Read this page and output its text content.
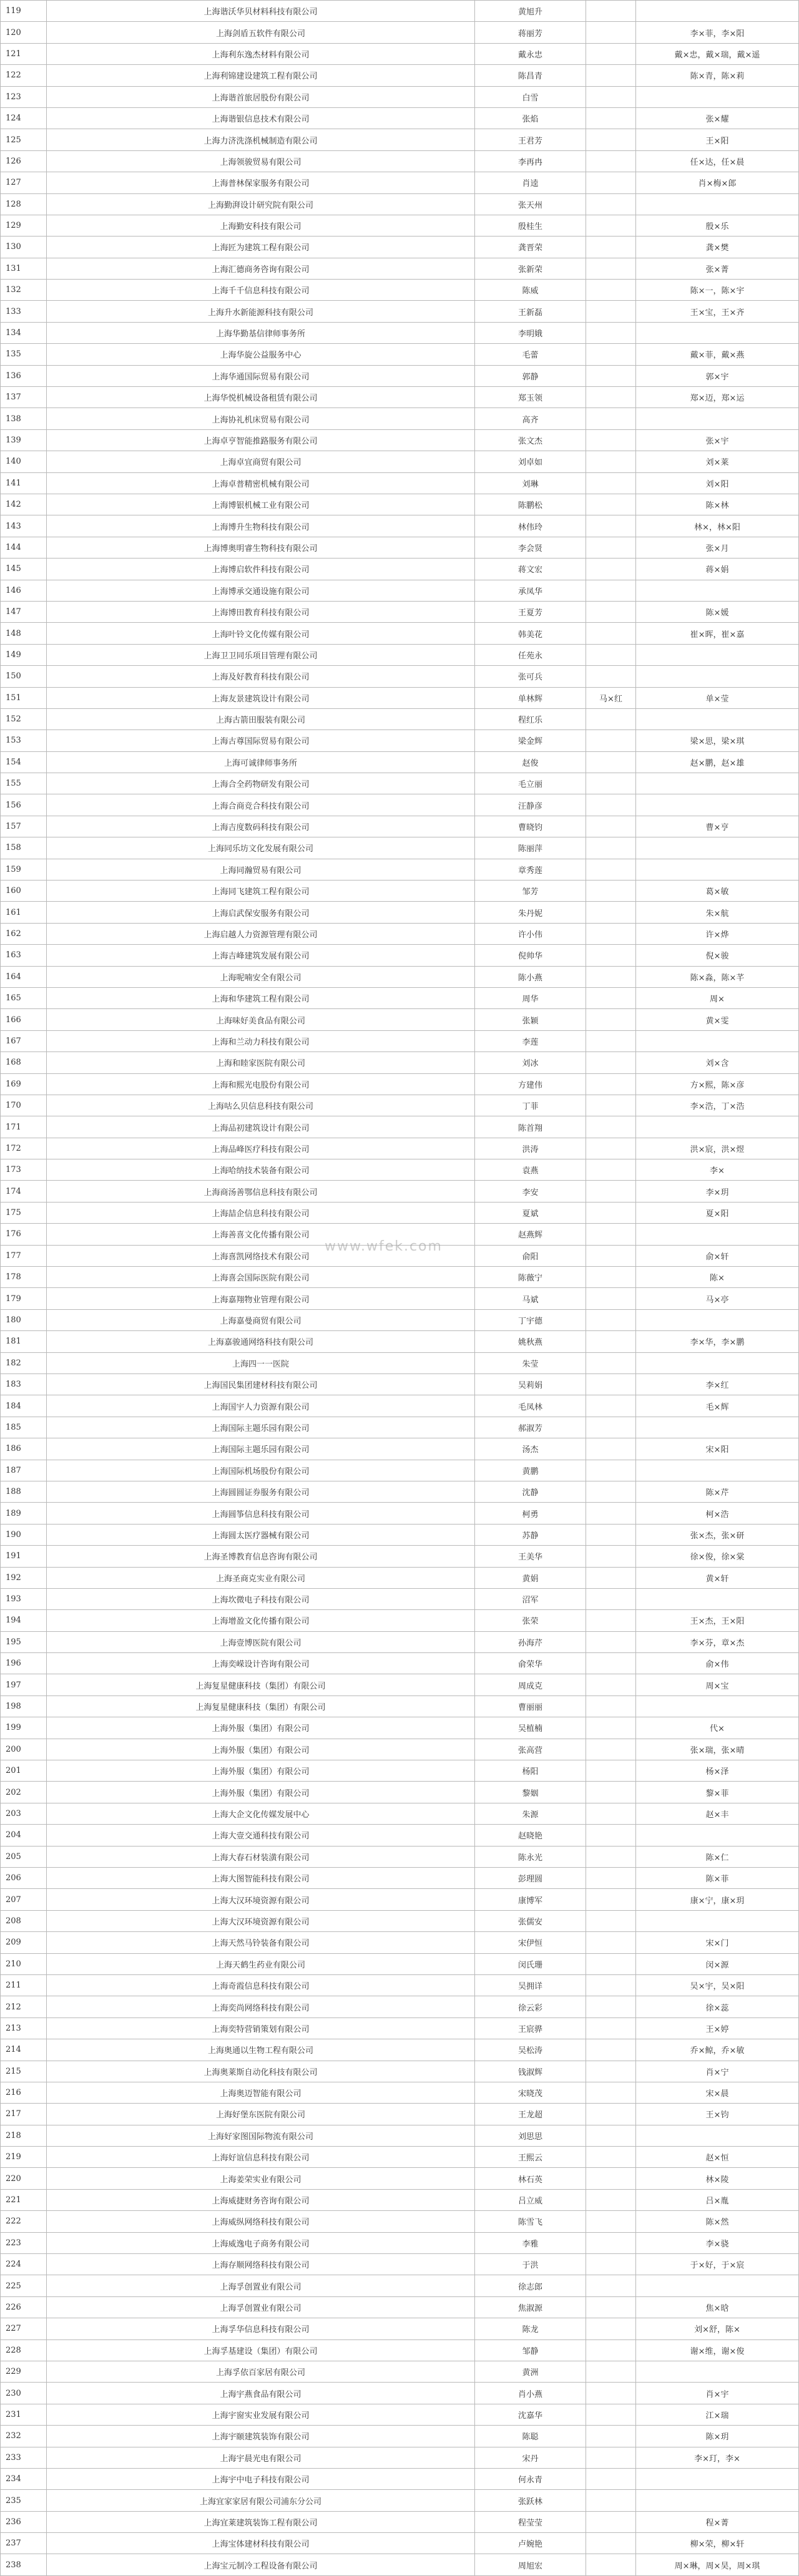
119	上海谐沃华贝材料科技有限公司	黄旭升		
120	上海剑盾五软件有限公司	蒋丽芳		李×菲，李×阳
121	上海利东逸杰材料有限公司	戴永忠		戴×忠，戴×瑞，戴×遥
122	上海利锦建设建筑工程有限公司	陈昌青		陈×青，陈×莉
123	上海谐首旅居股份有限公司	白雪		
124	上海谐银信息技术有限公司	张焰		张×耀
125	上海力济洗涤机械制造有限公司	王君芳		王×阳
126	上海领骏贸易有限公司	李再冉		任×达，任×晨
127	上海普林保家服务有限公司	肖逵		肖×梅×郎
128	上海勤湃设计研究院有限公司	张天州		
129	上海勤安科技有限公司	殷桂生		殷×乐
130	上海匠为建筑工程有限公司	龚晋荣		龚×樊
131	上海汇德商务咨询有限公司	张新荣		张×菁
132	上海千千信息科技有限公司	陈威		陈×一，陈×宇
133	上海升水新能源科技有限公司	王新磊		王×宝，王×齐
134	上海华勤基信律师事务所	李明娥		
135	上海华旋公益服务中心	毛蕾		戴×菲，戴×燕
136	上海华通国际贸易有限公司	郭静		郭×宇
137	上海华悦机械设备租赁有限公司	郑玉领		郑×迈，郑×运
138	上海协礼机床贸易有限公司	高齐		
139	上海卓亨智能推路服务有限公司	张文杰		张×宇
140	上海卓宜商贸有限公司	刘卓如		刘×莱
141	上海卓普精密机械有限公司	刘琳		刘×阳
142	上海博银机械工业有限公司	陈鹏松		陈×林
143	上海博升生物科技有限公司	林伟玲		林×，林×阳
144	上海博奥明睿生物科技有限公司	李会贤		张×月
145	上海博启软件科技有限公司	蒋文宏		蒋×娟
146	上海博承交通设施有限公司	承凤华		
147	上海博田教育科技有限公司	王夏芳		陈×媛
148	上海叶铃文化传媒有限公司	韩美花		崔×晖，崔×嘉
149	上海卫卫同乐项目管理有限公司	任苑永		
150	上海及好教育科技有限公司	张可兵		
151	上海友景建筑设计有限公司	单林辉	马×红	单×莹
152	上海古箭田服装有限公司	程红乐		
153	上海古尊国际贸易有限公司	梁金辉		梁×思，梁×琪
154	上海可诚律师事务所	赵俊		赵×鹏，赵×雄
155	上海合全药物研发有限公司	毛立丽		
156	上海合商竞合科技有限公司	汪静彦		
157	上海吉度数码科技有限公司	曹晓钧		曹×亨
158	上海同乐坊文化发展有限公司	陈丽萍		
159	上海同瀚贸易有限公司	章秀莲		
160	上海同飞建筑工程有限公司	邹芳		葛×敏
161	上海启武保安服务有限公司	朱丹妮		朱×航
162	上海启越人力资源管理有限公司	许小伟		许×烨
163	上海吉峰建筑发展有限公司	倪帅华		倪×骏
164	上海呢喃安全有限公司	陈小燕		陈×淼，陈×芊
165	上海和华建筑工程有限公司	周华		周×
166	上海味好美食品有限公司	张颖		黄×雯
167	上海和兰动力科技有限公司	李莲		
168	上海和睦家医院有限公司	刘冰		刘×含
169	上海和熙光电股份有限公司	方建伟		方×熙，陈×彦
170	上海咕么贝信息科技有限公司	丁菲		李×浩，丁×浩
171	上海品初建筑设计有限公司	陈首翔		
172	上海品峰医疗科技有限公司	洪涛		洪×宸，洪×煜
173	上海哈纳技术装备有限公司	袁燕		李×
174	上海商汤善鄂信息科技有限公司	李安		李×玥
175	上海喆企信息科技有限公司	夏斌		夏×阳
176	上海善喜文化传播有限公司	赵燕辉		
177	上海喜凯网络技术有限公司	俞阳		俞×轩
178	上海喜会国际医院有限公司	陈薇宁		陈×
179	上海嘉翔物业管理有限公司	马斌		马×亭
180	上海嘉曼商贸有限公司	丁宇德		
181	上海嘉骏通网络科技有限公司	姚秋燕		李×华，李×鹏
182	上海四一一医院	朱莹		
183	上海国民集团建材科技有限公司	吴莉娟		李×红
184	上海国宇人力资源有限公司	毛凤林		毛×辉
185	上海国际主题乐园有限公司	郝淑芳		
186	上海国际主题乐园有限公司	汤杰		宋×阳
187	上海国际机场股份有限公司	黄鹏		
188	上海圆圆证券服务有限公司	沈静		陈×芹
189	上海圆筝信息科技有限公司	柯勇		柯×浩
190	上海圆太医疗器械有限公司	苏静		张×杰，张×研
191	上海圣博教育信息咨询有限公司	王美华		徐×俊，徐×棠
192	上海圣商克实业有限公司	黄娟		黄×轩
193	上海坎微电子科技有限公司	沼军		
194	上海增盈文化传播有限公司	张荣		王×杰，王×阳
195	上海壹博医院有限公司	孙海芹		李×芬，章×杰
196	上海奕嵘设计咨询有限公司	俞荣华		俞×伟
197	上海复星健康科技（集团）有限公司	周成克		周×宝
198	上海复星健康科技（集团）有限公司	曹丽丽		
199	上海外服（集团）有限公司	吴植楠		代×
200	上海外服（集团）有限公司	张高营		张×瑞，张×晴
201	上海外服（集团）有限公司	杨阳		杨×泽
202	上海外服（集团）有限公司	黎姻		黎×菲
203	上海大企文化传媒发展中心	朱源		赵×丰
204	上海大壹交通科技有限公司	赵晓艳		
205	上海大春石材装潢有限公司	陈永光		陈×仁
206	上海大图智能科技有限公司	彭理圆		陈×菲
207	上海大汉环境资源有限公司	康博军		康×宁，康×玥
208	上海大汉环境资源有限公司	张儒安		
209	上海天然马铃装备有限公司	宋伊恒		宋×门
210	上海天鹤生药业有限公司	闵氏珊		闵×源
211	上海奇霞信息科技有限公司	吴拥详		吴×宇，吴×阳
212	上海奕尚网络科技有限公司	徐云彩		徐×蕊
213	上海奕特营销策划有限公司	王宸骅		王×婷
214	上海奥通以生物工程有限公司	吴松涛		乔×鲸，乔×敏
215	上海奥莱斯自动化科技有限公司	钱淑辉		肖×宁
216	上海奥迈智能有限公司	宋晓茂		宋×晨
217	上海好堡东医院有限公司	王龙超		王×钧
218	上海好家图国际物流有限公司	刘思思		
219	上海好谊信息科技有限公司	王熙云		赵×恒
220	上海姜荣实业有限公司	林石英		林×陵
221	上海威捷财务咨询有限公司	吕立威		吕×胤
222	上海威纵网络科技有限公司	陈雪飞		陈×然
223	上海威逸电子商务有限公司	李雅		李×骁
224	上海存顺网络科技有限公司	于洪		于×好，于×宸
225	上海孚创置业有限公司	徐志郎		
226	上海孚创置业有限公司	焦淑源		焦×晗
227	上海孚华信息科技有限公司	陈龙		刘×舒，陈×
228	上海孚基建设（集团）有限公司	邹静		谢×维，谢×俊
229	上海孚依百家居有限公司	黄洲		
230	上海宇燕食品有限公司	肖小燕		肖×宇
231	上海宇窗实业发展有限公司	沈嘉华		江×瑞
232	上海宇颐建筑装饰有限公司	陈聪		陈×玥
233	上海宇晨光电有限公司	宋丹		李×玎，李×
234	上海宇中电子科技有限公司	何永青		
235	上海宜家家居有限公司浦东分公司	张跃林		
236	上海宜莱建筑装饰工程有限公司	程莹莹		程×菁
237	上海宝体建材科技有限公司	卢婉艳		柳×荣，柳×轩
238	上海宝元制冷工程设备有限公司	周旭宏		周×琳，周×昊，周×琪
www.wfek.com
